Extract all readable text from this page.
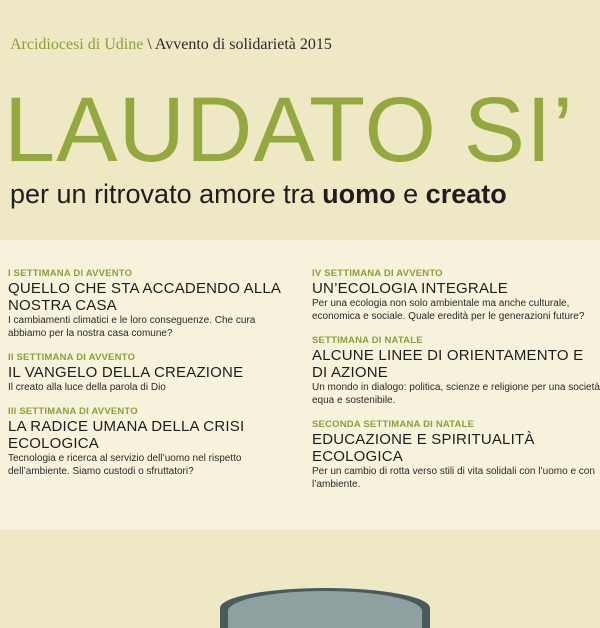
Arcidiocesi di Udine \ Avvento di solidarietà 2015
LAUDATO SI’
per un ritrovato amore tra uomo e creato
I SETTIMANA DI AVVENTO
QUELLO CHE STA ACCADENDO ALLA NOSTRA CASA
I cambiamenti climatici e le loro conseguenze. Che cura abbiamo per la nostra casa comune?
II SETTIMANA DI AVVENTO
IL VANGELO DELLA CREAZIONE
Il creato alla luce della parola di Dio
III SETTIMANA DI AVVENTO
LA RADICE UMANA DELLA CRISI ECOLOGICA
Tecnologia e ricerca al servizio dell’uomo nel rispetto dell’ambiente. Siamo custodi o sfruttatori?
IV SETTIMANA DI AVVENTO
UN’ECOLOGIA INTEGRALE
Per una ecologia non solo ambientale ma anche culturale, economica e sociale. Quale eredità per le generazioni future?
SETTIMANA DI NATALE
ALCUNE LINEE DI ORIENTAMENTO E DI AZIONE
Un mondo in dialogo: politica, scienze e religione per una società equa e sostenibile.
SECONDA SETTIMANA DI NATALE
EDUCAZIONE E SPIRITUALITÀ ECOLOGICA
Per un cambio di rotta verso stili di vita solidali con l’uomo e con l’ambiente.
